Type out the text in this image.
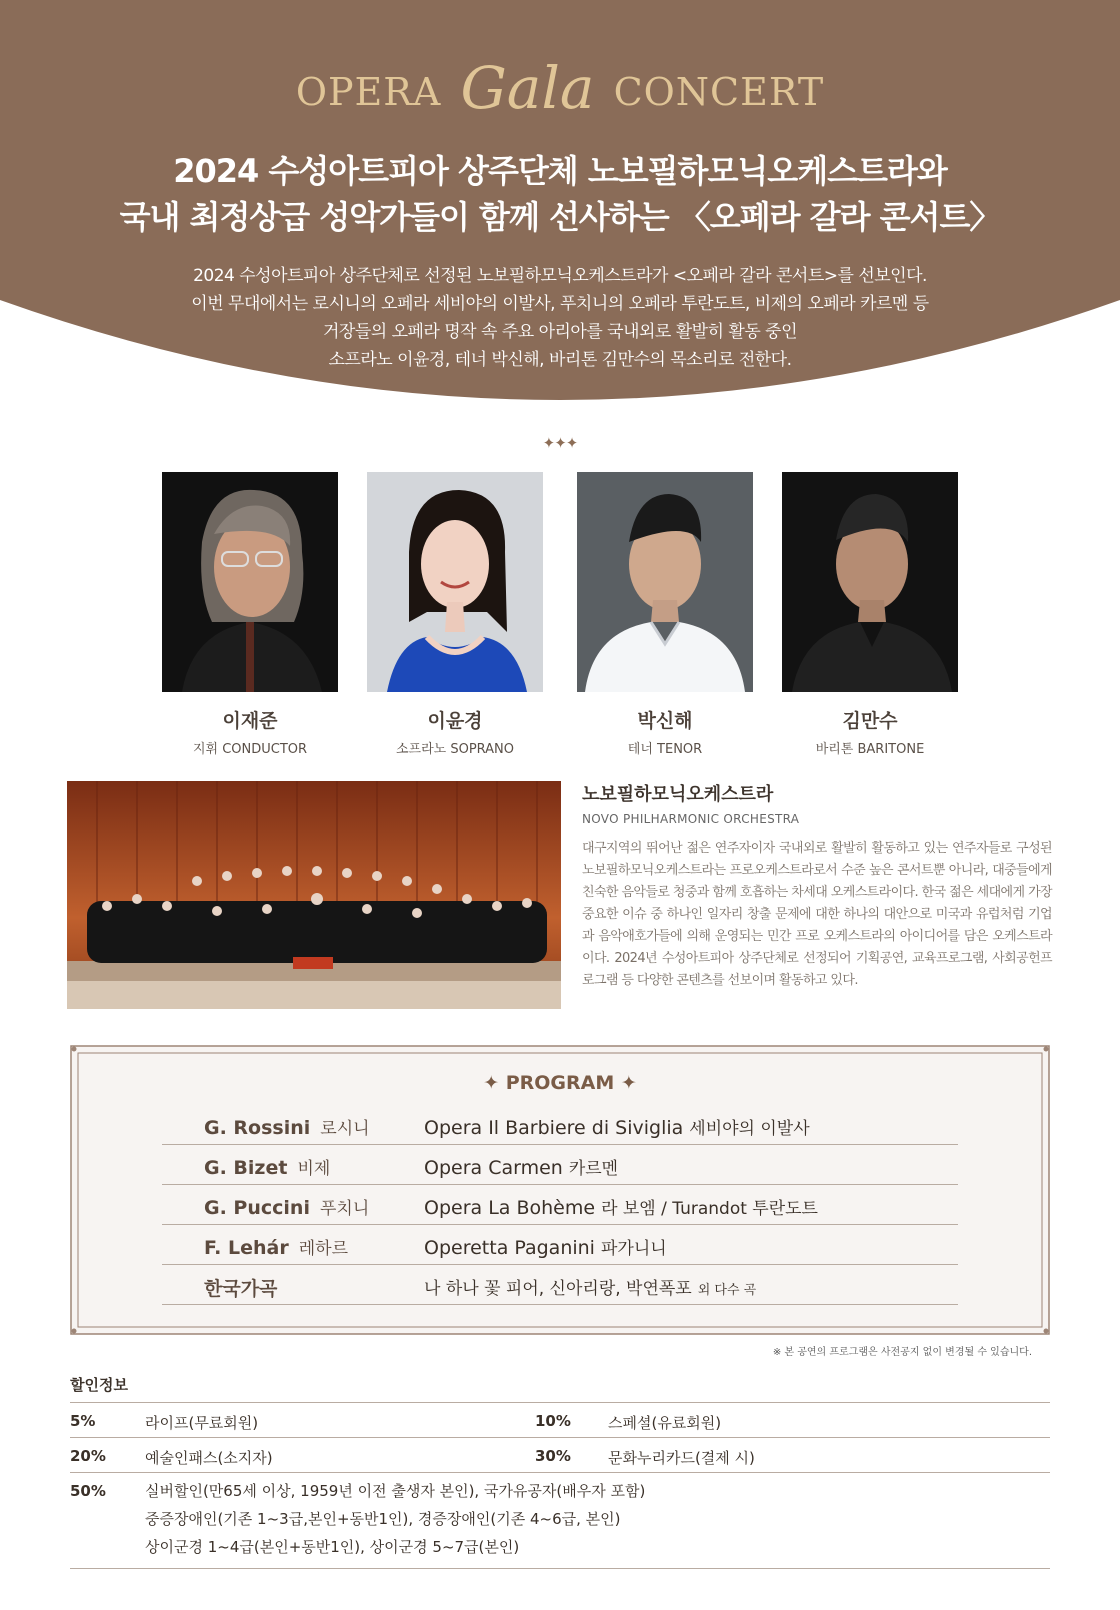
OPERA Gala CONCERT
2024 수성아트피아 상주단체 노보필하모닉오케스트라와
국내 최정상급 성악가들이 함께 선사하는 〈오페라 갈라 콘서트〉
2024 수성아트피아 상주단체로 선정된 노보필하모닉오케스트라가 <오페라 갈라 콘서트>를 선보인다.
이번 무대에서는 로시니의 오페라 세비야의 이발사, 푸치니의 오페라 투란도트, 비제의 오페라 카르멘 등
거장들의 오페라 명작 속 주요 아리아를 국내외로 활발히 활동 중인
소프라노 이윤경, 테너 박신해, 바리톤 김만수의 목소리로 전한다.
✦✦✦
이재준
지휘 CONDUCTOR
이윤경
소프라노 SOPRANO
박신해
테너 TENOR
김만수
바리톤 BARITONE
노보필하모닉오케스트라
NOVO PHILHARMONIC ORCHESTRA
대구지역의 뛰어난 젊은 연주자이자 국내외로 활발히 활동하고 있는 연주자들로 구성된 노보필하모닉오케스트라는 프로오케스트라로서 수준 높은 콘서트뿐 아니라, 대중들에게 친숙한 음악들로 청중과 함께 호흡하는 차세대 오케스트라이다. 한국 젊은 세대에게 가장 중요한 이슈 중 하나인 일자리 창출 문제에 대한 하나의 대안으로 미국과 유럽처럼 기업과 음악애호가들에 의해 운영되는 민간 프로 오케스트라의 아이디어를 담은 오케스트라이다. 2024년 수성아트피아 상주단체로 선정되어 기획공연, 교육프로그램, 사회공헌프로그램 등 다양한 콘텐츠를 선보이며 활동하고 있다.
✦ PROGRAM ✦
G. Rossini 로시니	Opera Il Barbiere di Siviglia 세비야의 이발사
G. Bizet 비제	Opera Carmen 카르멘
G. Puccini 푸치니	Opera La Bohème 라 보엠 / Turandot 투란도트
F. Lehár 레하르	Operetta Paganini 파가니니
한국가곡	나 하나 꽃 피어, 신아리랑, 박연폭포 외 다수 곡
※ 본 공연의 프로그램은 사전공지 없이 변경될 수 있습니다.
할인정보
5%	라이프(무료회원)	10% 스페셜(유료회원)
20%	예술인패스(소지자)	30% 문화누리카드(결제 시)
50%	실버할인(만65세 이상, 1959년 이전 출생자 본인), 국가유공자(배우자 포함)
중증장애인(기존 1~3급,본인+동반1인), 경증장애인(기존 4~6급, 본인)
상이군경 1~4급(본인+동반1인), 상이군경 5~7급(본인)
